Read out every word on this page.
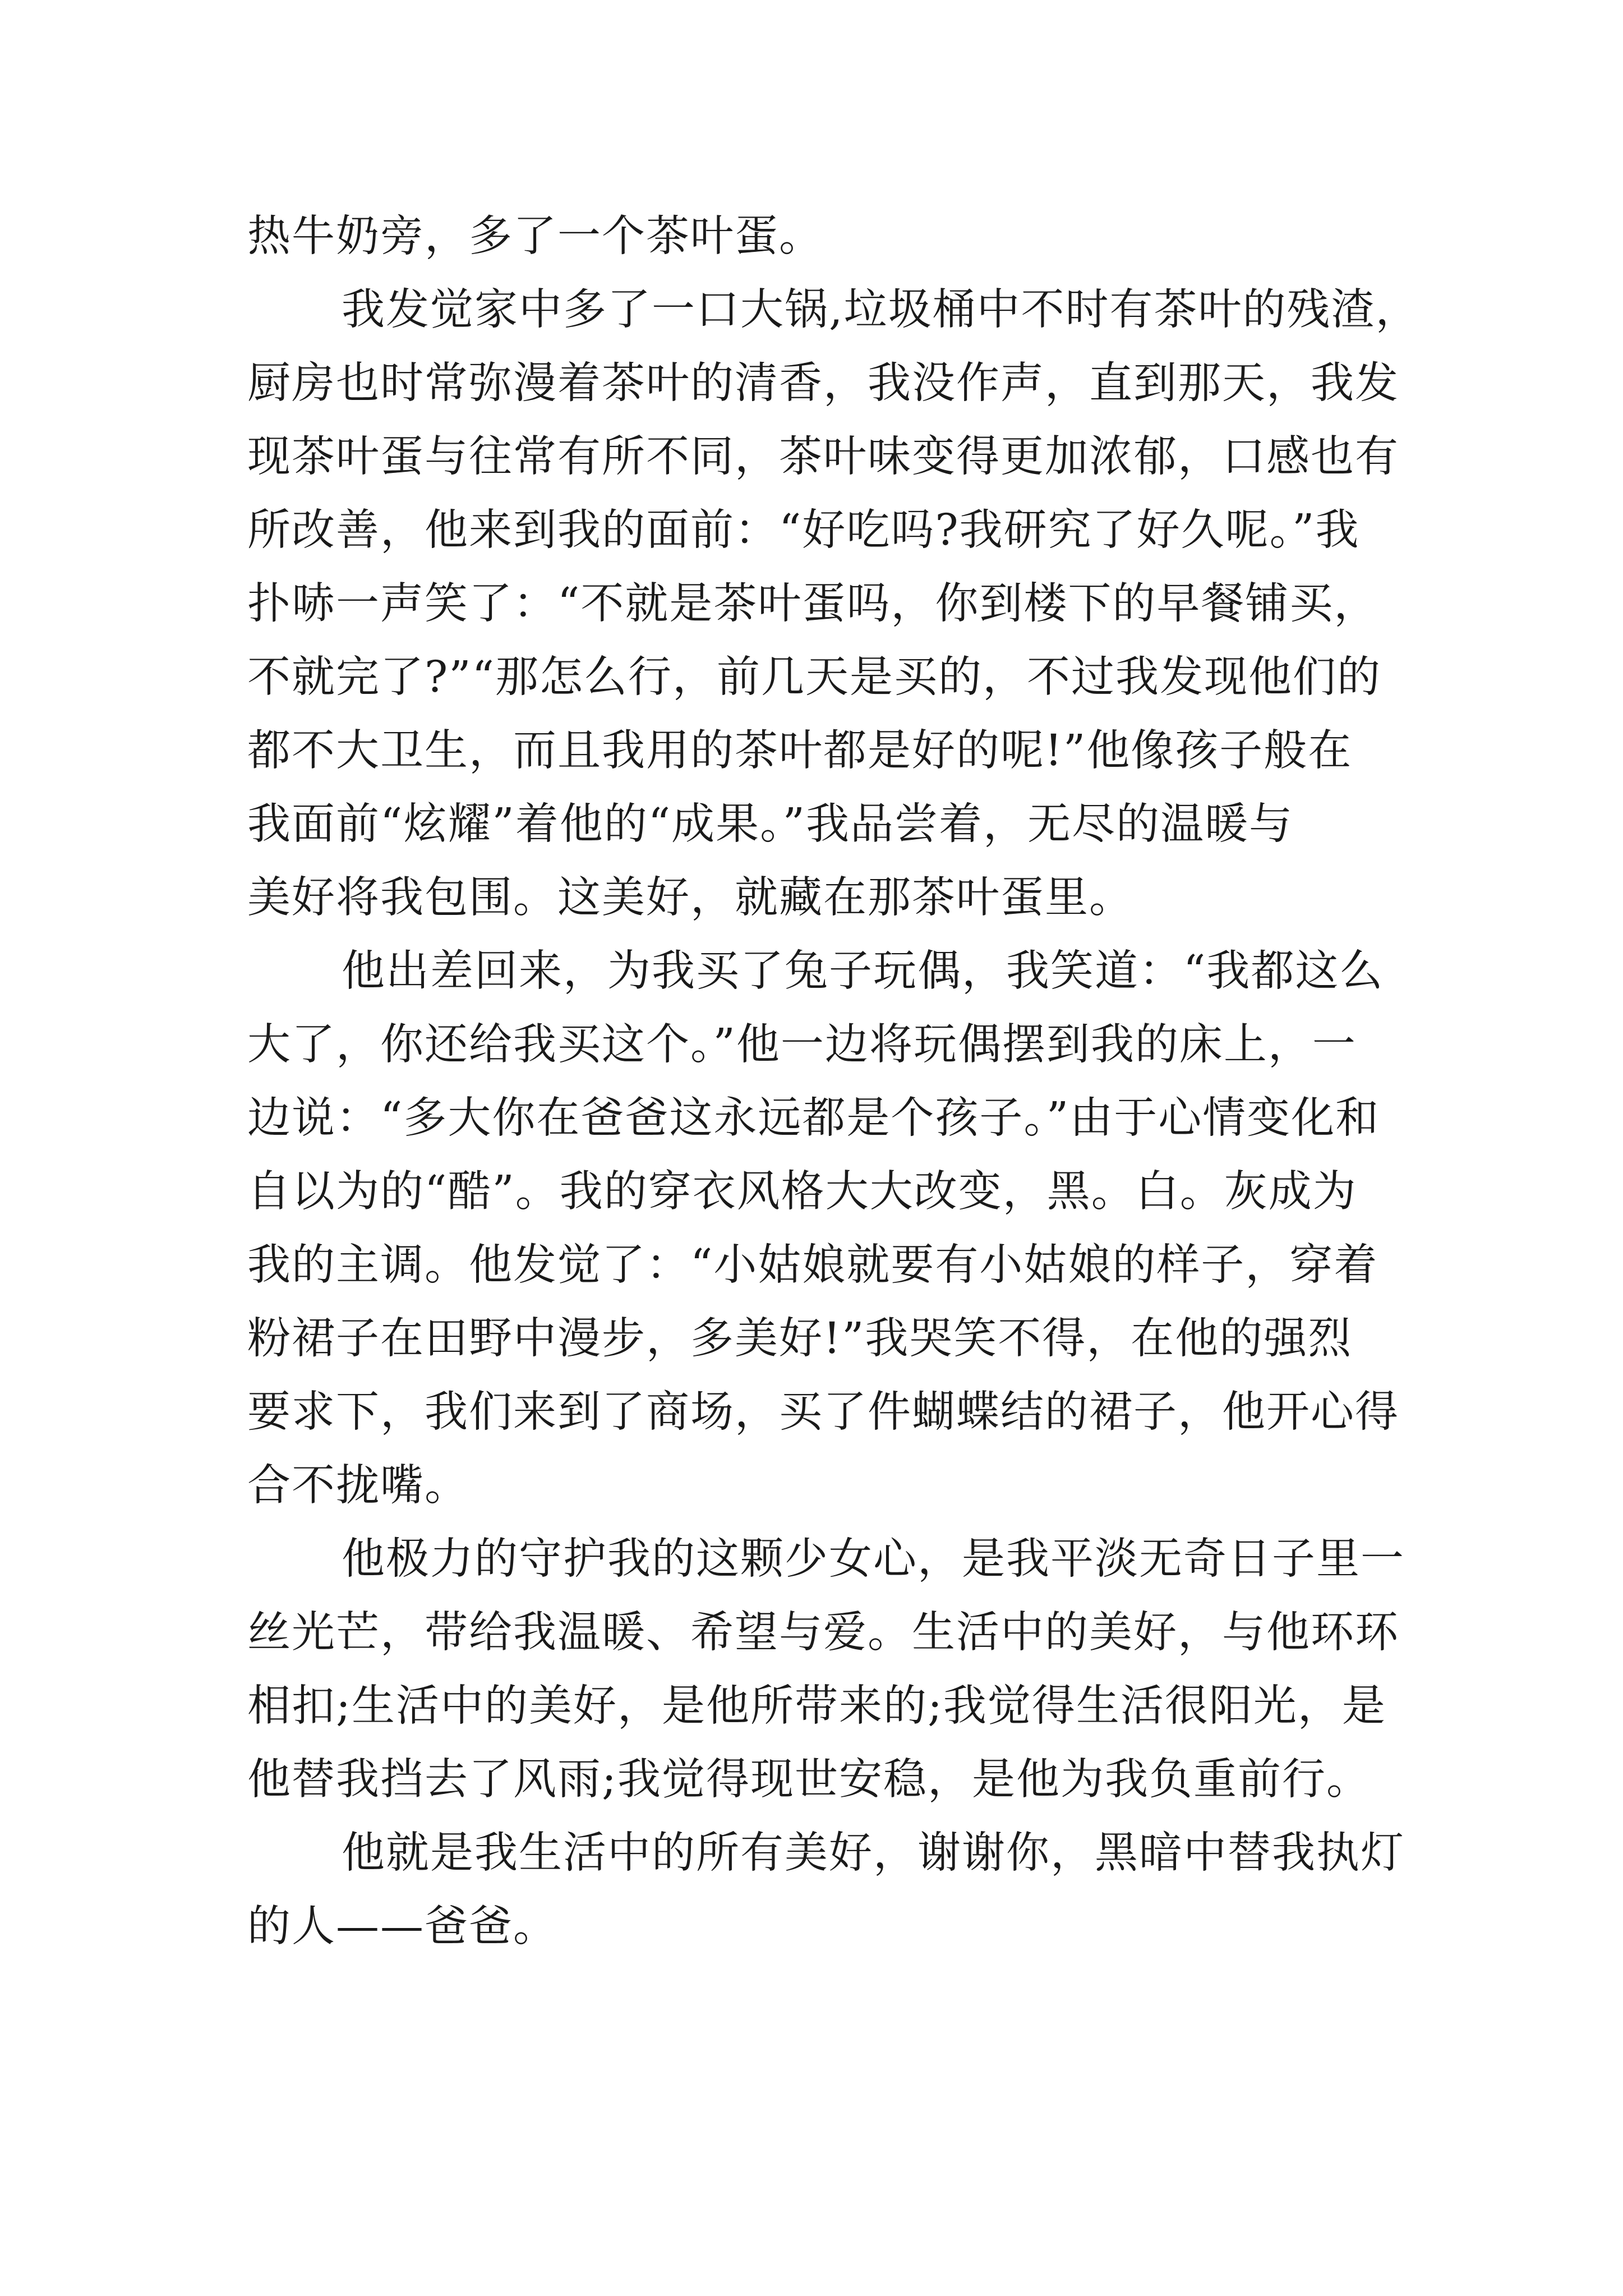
热牛奶旁，多了一个茶叶蛋。
我发觉家中多了一口大锅,垃圾桶中不时有茶叶的残渣，
厨房也时常弥漫着茶叶的清香，我没作声，直到那天，我发
现茶叶蛋与往常有所不同，茶叶味变得更加浓郁，口感也有
所改善，他来到我的面前：“好吃吗?我研究了好久呢。”我
扑哧一声笑了：“不就是茶叶蛋吗，你到楼下的早餐铺买，
不就完了?”“那怎么行，前几天是买的，不过我发现他们的
都不大卫生，而且我用的茶叶都是好的呢!”他像孩子般在
我面前“炫耀”着他的“成果。”我品尝着，无尽的温暖与
美好将我包围。这美好，就藏在那茶叶蛋里。
他出差回来，为我买了兔子玩偶，我笑道：“我都这么
大了，你还给我买这个。”他一边将玩偶摆到我的床上，一
边说：“多大你在爸爸这永远都是个孩子。”由于心情变化和
自以为的“酷”。我的穿衣风格大大改变，黑。白。灰成为
我的主调。他发觉了：“小姑娘就要有小姑娘的样子，穿着
粉裙子在田野中漫步，多美好!”我哭笑不得，在他的强烈
要求下，我们来到了商场，买了件蝴蝶结的裙子，他开心得
合不拢嘴。
他极力的守护我的这颗少女心，是我平淡无奇日子里一
丝光芒，带给我温暖、希望与爱。生活中的美好，与他环环
相扣;生活中的美好，是他所带来的;我觉得生活很阳光，是
他替我挡去了风雨;我觉得现世安稳，是他为我负重前行。
他就是我生活中的所有美好，谢谢你，黑暗中替我执灯
的人——爸爸。
